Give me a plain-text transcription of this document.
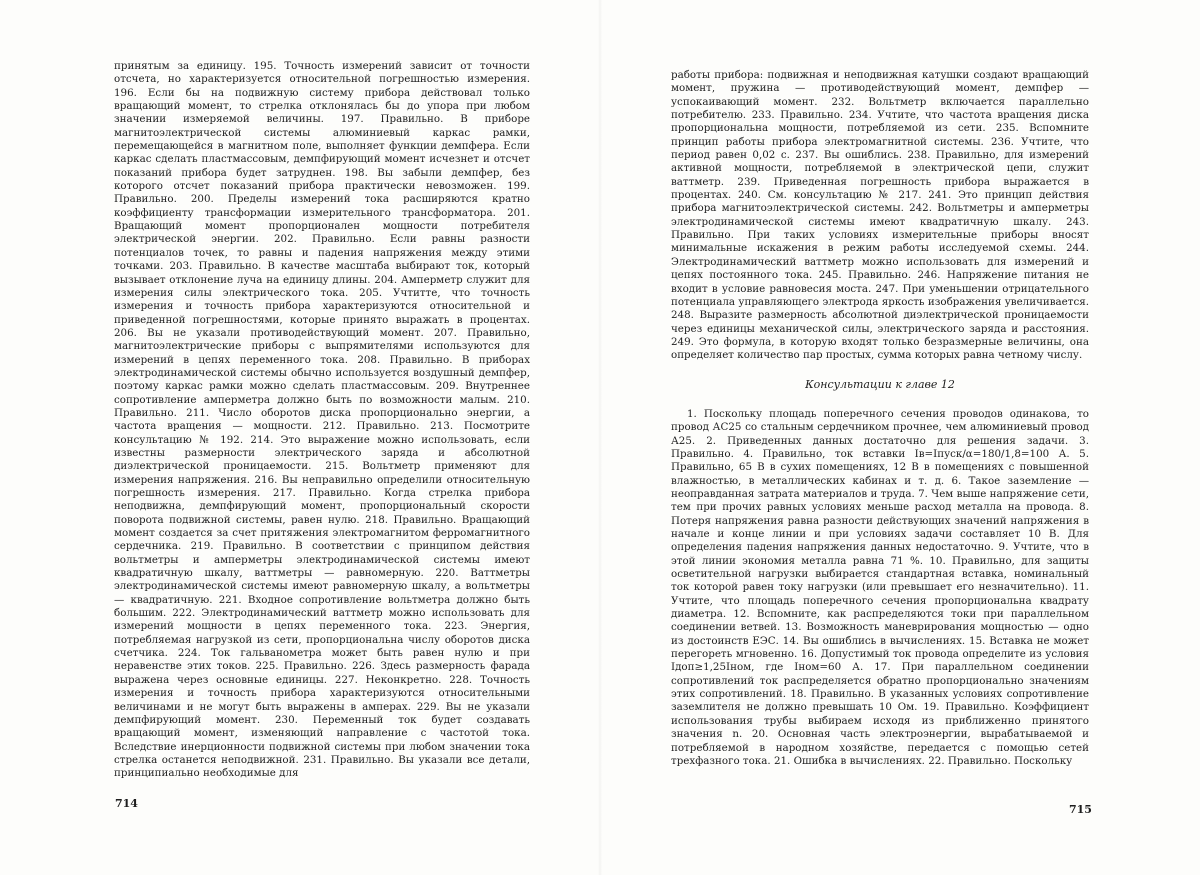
принятым за единицу. 195. Точность измерений зависит от точности отсчета, но характеризуется относительной погрешностью измерения. 196. Если бы на подвижную систему прибора действовал только вращающий момент, то стрелка отклонялась бы до упора при любом значении измеряемой величины. 197. Правильно. В приборе магнитоэлектрической системы алюминиевый каркас рамки, перемещающейся в магнитном поле, выполняет функции демпфера. Если каркас сделать пластмассовым, демпфирующий момент исчезнет и отсчет показаний прибора будет затруднен. 198. Вы забыли демпфер, без которого отсчет показаний прибора практически невозможен. 199. Правильно. 200. Пределы измерений тока расширяются кратно коэффициенту трансформации измерительного трансформатора. 201. Вращающий момент пропорционален мощности потребителя электрической энергии. 202. Правильно. Если равны разности потенциалов точек, то равны и падения напряжения между этими точками. 203. Правильно. В качестве масштаба выбирают ток, который вызывает отклонение луча на единицу длины. 204. Амперметр служит для измерения силы электрического тока. 205. Учтитте, что точность измерения и точность прибора характеризуются относительной и приведенной погрешностями, которые принято выражать в процентах. 206. Вы не указали противодействующий момент. 207. Правильно, магнитоэлектрические приборы с выпрямителями используются для измерений в цепях переменного тока. 208. Правильно. В приборах электродинамической системы обычно используется воздушный демпфер, поэтому каркас рамки можно сделать пластмассовым. 209. Внутреннее сопротивление амперметра должно быть по возможности малым. 210. Правильно. 211. Число оборотов диска пропорционально энергии, а частота вращения — мощности. 212. Правильно. 213. Посмотрите консультацию № 192. 214. Это выражение можно использовать, если известны размерности электрического заряда и абсолютной диэлектрической проницаемости. 215. Вольтметр применяют для измерения напряжения. 216. Вы неправильно определили относительную погрешность измерения. 217. Правильно. Когда стрелка прибора неподвижна, демпфирующий момент, пропорциональный скорости поворота подвижной системы, равен нулю. 218. Правильно. Вращающий момент создается за счет притяжения электромагнитом ферромагнитного сердечника. 219. Правильно. В соответствии с принципом действия вольтметры и амперметры электродинамической системы имеют квадратичную шкалу, ваттметры — равномерную. 220. Ваттметры электродинамической системы имеют равномерную шкалу, а вольтметры — квадратичную. 221. Входное сопротивление вольтметра должно быть большим. 222. Электродинамический ваттметр можно использовать для измерений мощности в цепях переменного тока. 223. Энергия, потребляемая нагрузкой из сети, пропорциональна числу оборотов диска счетчика. 224. Ток гальванометра может быть равен нулю и при неравенстве этих токов. 225. Правильно. 226. Здесь размерность фарада выражена через основные единицы. 227. Неконкретно. 228. Точность измерения и точность прибора характеризуются относительными величинами и не могут быть выражены в амперах. 229. Вы не указали демпфирующий момент. 230. Переменный ток будет создавать вращающий момент, изменяющий направление с частотой тока. Вследствие инерционности подвижной системы при любом значении тока стрелка останется неподвижной. 231. Правильно. Вы указали все детали, принципиально необходимые для

714

работы прибора: подвижная и неподвижная катушки создают вращающий момент, пружина — противодействующий момент, демпфер — успокаивающий момент. 232. Вольтметр включается параллельно потребителю. 233. Правильно. 234. Учтите, что частота вращения диска пропорциональна мощности, потребляемой из сети. 235. Вспомните принцип работы прибора электромагнитной системы. 236. Учтите, что период равен 0,02 с. 237. Вы ошиблись. 238. Правильно, для измерений активной мощности, потребляемой в электрической цепи, служит ваттметр. 239. Приведенная погрешность прибора выражается в процентах. 240. См. консультацию № 217. 241. Это принцип действия прибора магнитоэлектрической системы. 242. Вольтметры и амперметры электродинамической системы имеют квадратичную шкалу. 243. Правильно. При таких условиях измерительные приборы вносят минимальные искажения в режим работы исследуемой схемы. 244. Электродинамический ваттметр можно использовать для измерений и цепях постоянного тока. 245. Правильно. 246. Напряжение питания не входит в условие равновесия моста. 247. При уменьшении отрицательного потенциала управляющего электрода яркость изображения увеличивается. 248. Выразите размерность абсолютной диэлектрической проницаемости через единицы механической силы, электрического заряда и расстояния. 249. Это формула, в которую входят только безразмерные величины, она определяет количество пар простых, сумма которых равна четному числу.

Консультации к главе 12

1. Поскольку площадь поперечного сечения проводов одинакова, то провод АС25 со стальным сердечником прочнее, чем алюминиевый провод А25. 2. Приведенных данных достаточно для решения задачи. 3. Правильно. 4. Правильно, ток вставки Iв=Iпуск/α=180/1,8=100 А. 5. Правильно, 65 В в сухих помещениях, 12 В в помещениях с повышенной влажностью, в металлических кабинах и т. д. 6. Такое заземление — неоправданная затрата материалов и труда. 7. Чем выше напряжение сети, тем при прочих равных условиях меньше расход металла на провода. 8. Потеря напряжения равна разности действующих значений напряжения в начале и конце линии и при условиях задачи составляет 10 В. Для определения падения напряжения данных недостаточно. 9. Учтите, что в этой линии экономия металла равна 71 %. 10. Правильно, для защиты осветительной нагрузки выбирается стандартная вставка, номинальный ток которой равен току нагрузки (или превышает его незначительно). 11. Учтите, что площадь поперечного сечения пропорциональна квадрату диаметра. 12. Вспомните, как распределяются токи при параллельном соединении ветвей. 13. Возможность маневрирования мощностью — одно из достоинств ЕЭС. 14. Вы ошиблись в вычислениях. 15. Вставка не может перегореть мгновенно. 16. Допустимый ток провода определите из условия Iдоп≥1,25Iном, где Iном=60 А. 17. При параллельном соединении сопротивлений ток распределяется обратно пропорционально значениям этих сопротивлений. 18. Правильно. В указанных условиях сопротивление заземлителя не должно превышать 10 Ом. 19. Правильно. Коэффициент использования трубы выбираем исходя из приближенно принятого значения n. 20. Основная часть электроэнергии, вырабатываемой и потребляемой в народном хозяйстве, передается с помощью сетей трехфазного тока. 21. Ошибка в вычислениях. 22. Правильно. Поскольку

715
